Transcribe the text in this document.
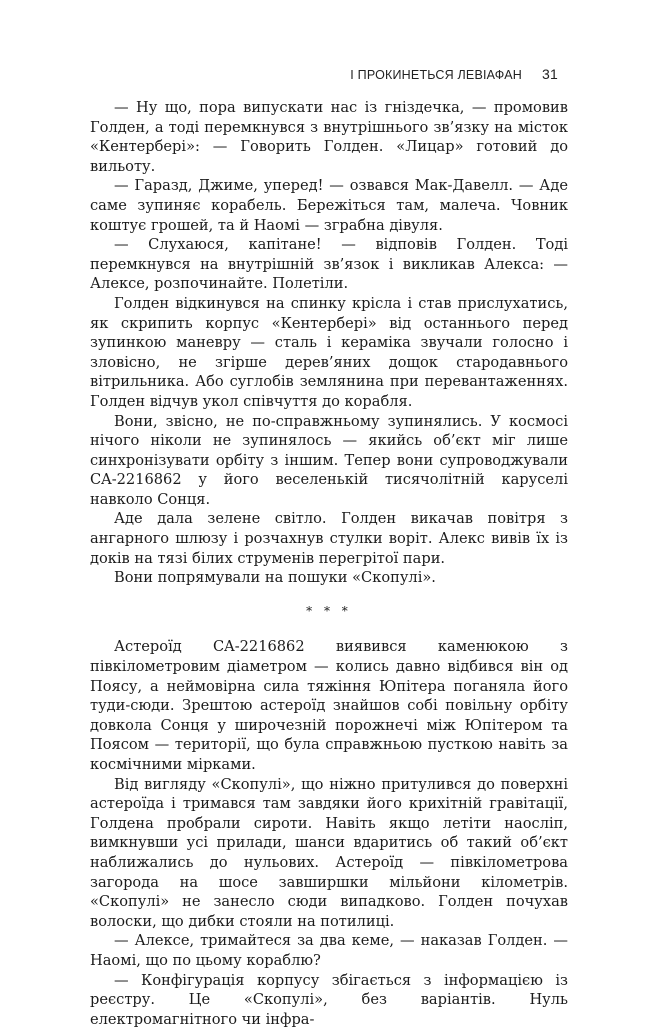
І ПРОКИНЕТЬСЯ ЛЕВІАФАН 31

— Ну що, пора випускати нас із гніздечка, — промовив Голден, а тоді перемкнувся з внутрішнього зв’язку на місток «Кентербері»: — Говорить Голден. «Лицар» готовий до вильоту.

— Гаразд, Джиме, уперед! — озвався Мак-Давелл. — Аде саме зупиняє корабель. Бережіться там, малеча. Човник коштує грошей, та й Наомі — зграбна дівуля.

— Слухаюся, капітане! — відповів Голден. Тоді перемкнувся на внутрішній зв’язок і викликав Алекса: — Алексе, розпочинайте. Полетіли.

Голден відкинувся на спинку крісла і став прислухатись, як скрипить корпус «Кентербері» від останнього перед зупинкою маневру — сталь і кераміка звучали голосно і зловісно, не згірше дерев’яних дощок стародавнього вітрильника. Або суглобів землянина при перевантаженнях. Голден відчув укол співчуття до корабля.

Вони, звісно, не по-справжньому зупинялись. У космосі нічого ніколи не зупинялось — якийсь об’єкт міг лише синхронізувати орбіту з іншим. Тепер вони супроводжували CA-2216862 у його веселенькій тисячолітній каруселі навколо Сонця.

Аде дала зелене світло. Голден викачав повітря з ангарного шлюзу і розчахнув стулки воріт. Алекс вивів їх із доків на тязі білих струменів перегрітої пари.

Вони попрямували на пошуки «Скопулі».

* * *

Астероїд CA-2216862 виявився каменюкою з півкілометровим діаметром — колись давно відбився він од Поясу, а неймовірна сила тяжіння Юпітера поганяла його туди-сюди. Зрештою астероїд знайшов собі повільну орбіту довкола Сонця у широчезній порожнечі між Юпітером та Поясом — території, що була справжньою пусткою навіть за космічними мірками.

Від вигляду «Скопулі», що ніжно притулився до поверхні астероїда і тримався там завдяки його крихітній гравітації, Голдена пробрали сироти. Навіть якщо летіти наосліп, вимкнувши усі прилади, шанси вдаритись об такий об’єкт наближались до нульових. Астероїд — півкілометрова загорода на шосе завширшки мільйони кілометрів. «Скопулі» не занесло сюди випадково. Голден почухав волоски, що дибки стояли на потилиці.

— Алексе, тримайтеся за два кеме, — наказав Голден. — Наомі, що по цьому кораблю?

— Конфігурація корпусу збігається з інформацією із реєстру. Це «Скопулі», без варіантів. Нуль електромагнітного чи інфра-
